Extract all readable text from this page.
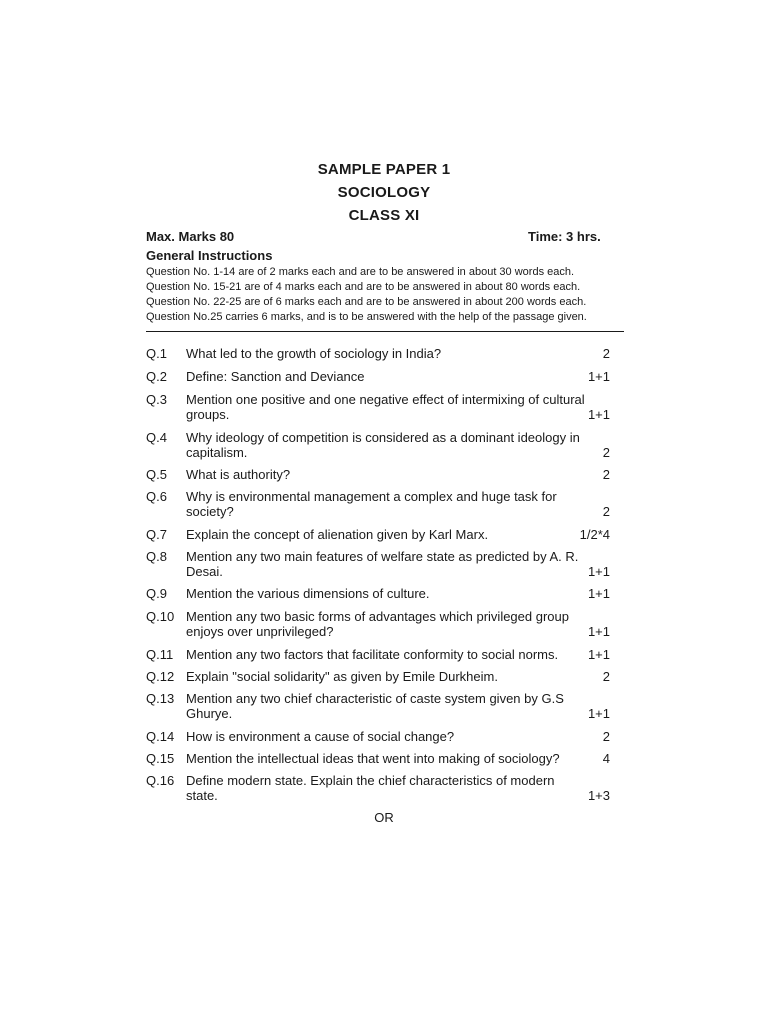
SAMPLE PAPER 1
SOCIOLOGY
CLASS XI
Max. Marks 80	Time: 3 hrs.
General Instructions
Question No. 1-14 are of 2 marks each and are to be answered in about 30 words each.
Question No. 15-21 are of 4 marks each and are to be answered in about 80 words each.
Question No. 22-25 are of 6 marks each and are to be answered in about 200 words each.
Question No.25 carries 6 marks, and is to be answered with the help of the passage given.
Q.1 What led to the growth of sociology in India?	2
Q.2 Define: Sanction and Deviance	1+1
Q.3 Mention one positive and one negative effect of intermixing of cultural
groups.	1+1
Q.4 Why ideology of competition is considered as a dominant ideology in
capitalism.	2
Q.5 What is authority?	2
Q.6 Why is environmental management a complex and huge task for
society?	2
Q.7 Explain the concept of alienation given by Karl Marx.	1/2*4
Q.8 Mention any two main features of welfare state as predicted by A. R.
Desai.	1+1
Q.9 Mention the various dimensions of culture.	1+1
Q.10 Mention any two basic forms of advantages which privileged group
enjoys over unprivileged?	1+1
Q.11 Mention any two factors that facilitate conformity to social norms. 1+1
Q.12 Explain "social solidarity" as given by Emile Durkheim.	2
Q.13 Mention any two chief characteristic of caste system given by G.S
Ghurye.	1+1
Q.14 How is environment a cause of social change?	2
Q.15 Mention the intellectual ideas that went into making of sociology?	4
Q.16 Define modern state. Explain the chief characteristics of modern
state.	1+3
OR
